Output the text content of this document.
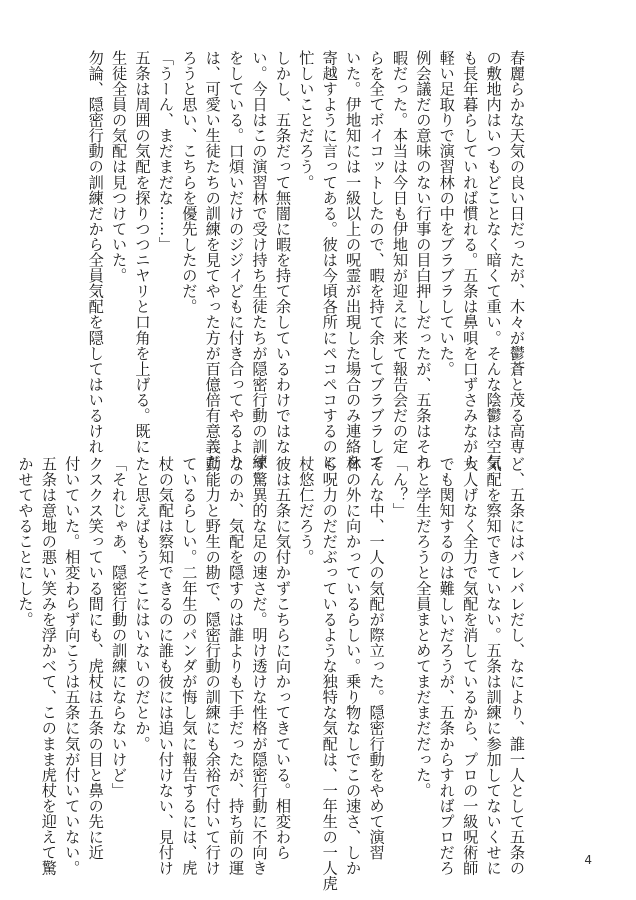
春麗らかな天気の良い日だったが、木々が鬱蒼と茂る高専
の敷地内はいつもどことなく暗くて重い。そんな陰鬱は空気
も長年暮らしていれば慣れる。五条は鼻唄を口ずさみながら
軽い足取りで演習林の中をブラブラしていた。
例会議だの意味のない行事の目白押しだったが、五条はそれ
暇だった。本当は今日も伊地知が迎えに来て報告会だの定
らを全てボイコットしたので、暇を持て余してブラブラして
いた。伊地知には一級以上の呪霊が出現した場合のみ連絡を
寄越すように言ってある。彼は今頃各所にペコペコするのに
忙しいことだろう。
しかし、五条だって無闇に暇を持て余しているわけではな
い。今日はこの演習林で受け持ち生徒たちが隠密行動の訓練
をしている。口煩いだけのジジイどもに付き合ってやるより
は、可愛い生徒たちの訓練を見てやった方が百億倍有意義だ
ろうと思い、こちらを優先したのだ。
「うーん、まだまだな……」
五条は周囲の気配を探りつつニヤリと口角を上げる。既に
生徒全員の気配は見つけていた。
勿論、隠密行動の訓練だから全員気配を隠してはいるけれ
ど、五条にはバレバレだし、なにより、誰一人として五条の
気配を察知できていない。五条は訓練に参加してないくせに
大人げなく全力で気配を消しているから、プロの一級呪術師
でも関知するのは難しいだろうが、五条からすればプロだろ
うと学生だろうと全員まとめてまだまだだった。
「ん？」
そんな中、一人の気配が際立った。隠密行動をやめて演習
林の外に向かっているらしい。乗り物なしでこの速さ、しか
も呪力のだだぶっているような独特な気配は、一年生の一人虎
杖悠仁だろう。
彼は五条に気付かずこちらに向かってきている。相変わら
ず驚異的な足の速さだ。明け透けな性格が隠密行動に不向き
なのか、気配を隠すのは誰よりも下手だったが、持ち前の運
動能力と野生の勘で、隠密行動の訓練にも余裕で付いて行け
ているらしい。二年生のパンダが悔し気に報告するには、虎
杖の気配は察知できるのに誰も彼には追い付けない、見付け
たと思えばもうそこにはいないのだとか。
「それじゃあ、隠密行動の訓練にならないけど」
クスクス笑っている間にも、虎杖は五条の目と鼻の先に近
付いていた。相変わらず向こうは五条に気が付いていない。
五条は意地の悪い笑みを浮かべて、このまま虎杖を迎えて驚
かせてやることにした。
4
